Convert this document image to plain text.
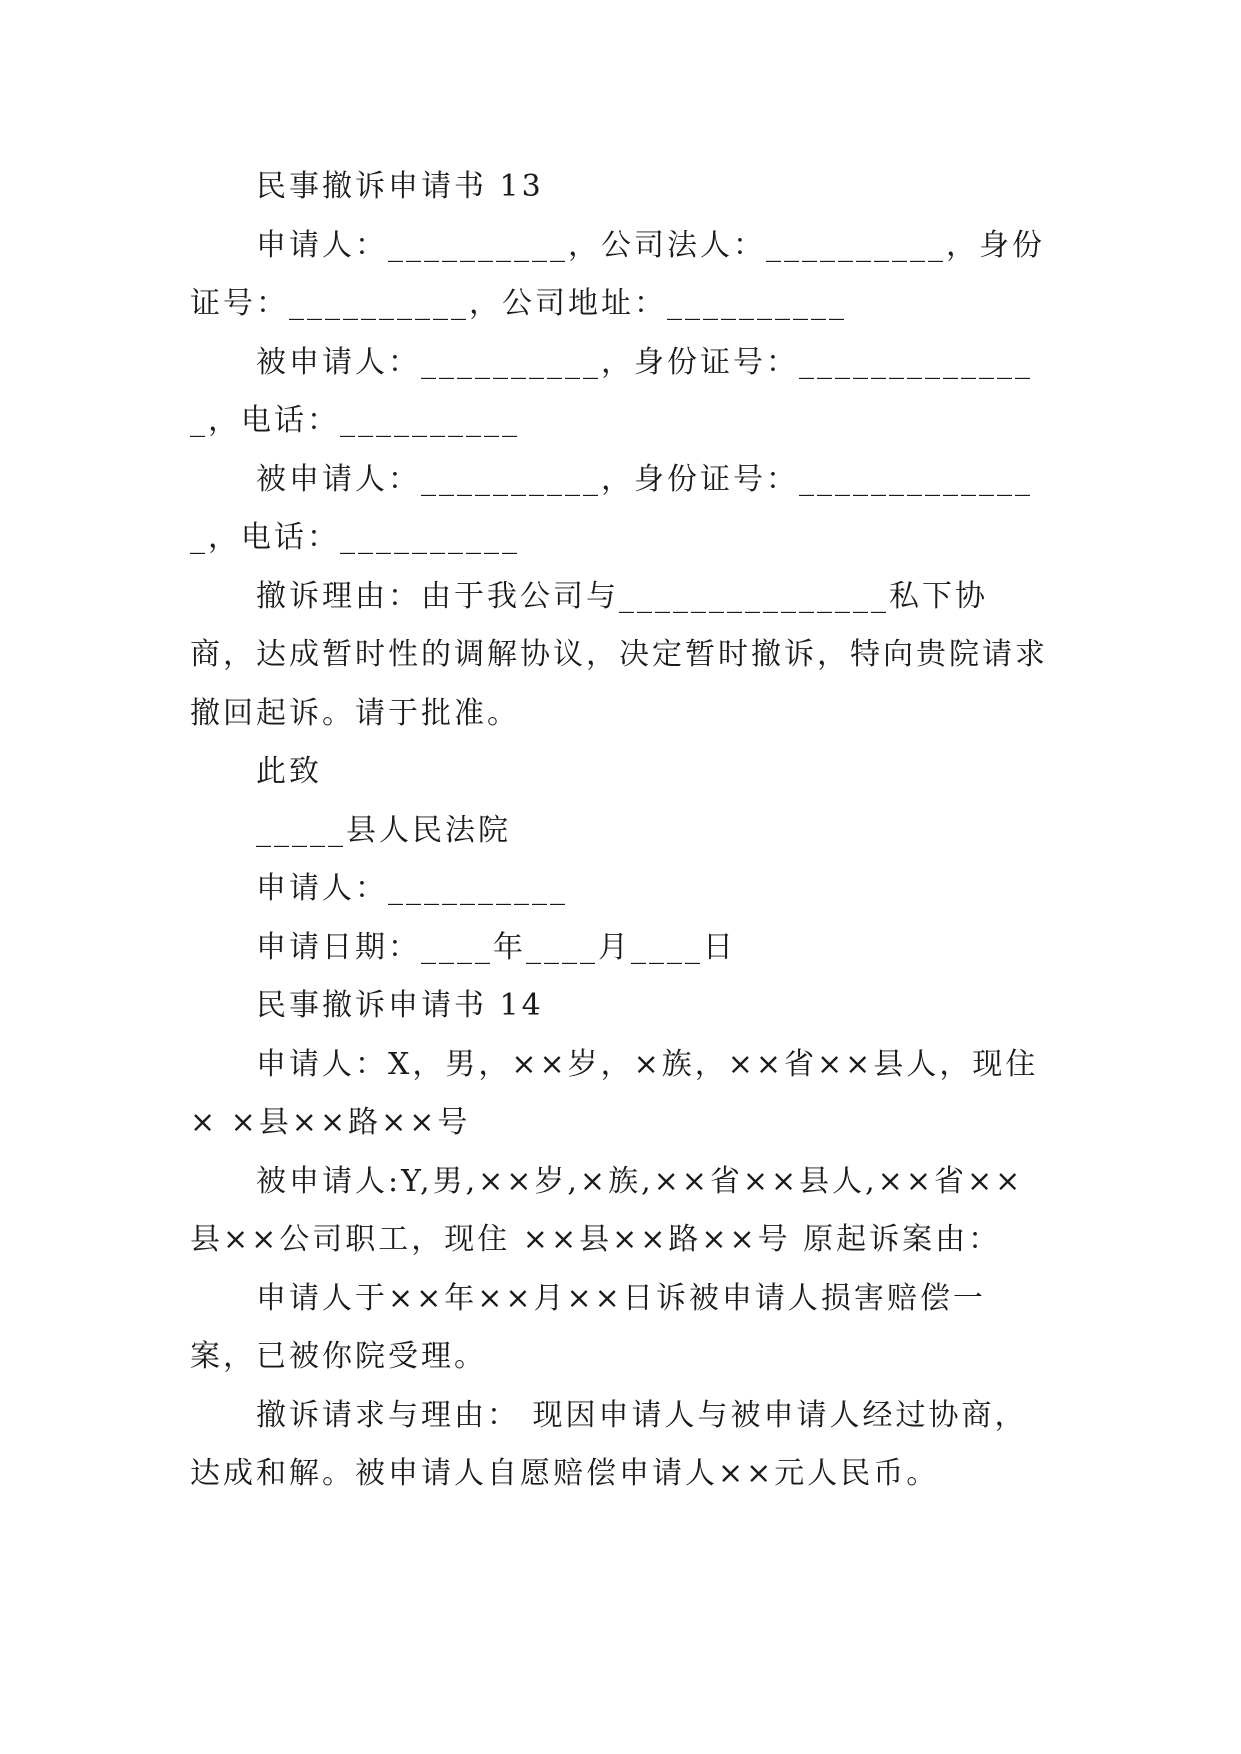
民事撤诉申请书 13

申请人：__________，公司法人：__________，身份证号：__________，公司地址：__________

被申请人：__________，身份证号：______________，电话：__________

被申请人：__________，身份证号：______________，电话：__________

撤诉理由：由于我公司与_______________私下协商，达成暂时性的调解协议，决定暂时撤诉，特向贵院请求撤回起诉。请于批准。

此致

_____县人民法院

申请人：__________

申请日期：____年____月____日

民事撤诉申请书 14

申请人：X，男，××岁，×族，××省××县人，现住× ×县××路××号

被申请人:Y,男,××岁,×族,××省××县人,××省××县××公司职工，现住 ××县××路××号 原起诉案由：

申请人于××年××月××日诉被申请人损害赔偿一案，已被你院受理。

撤诉请求与理由： 现因申请人与被申请人经过协商，达成和解。被申请人自愿赔偿申请人××元人民币。
